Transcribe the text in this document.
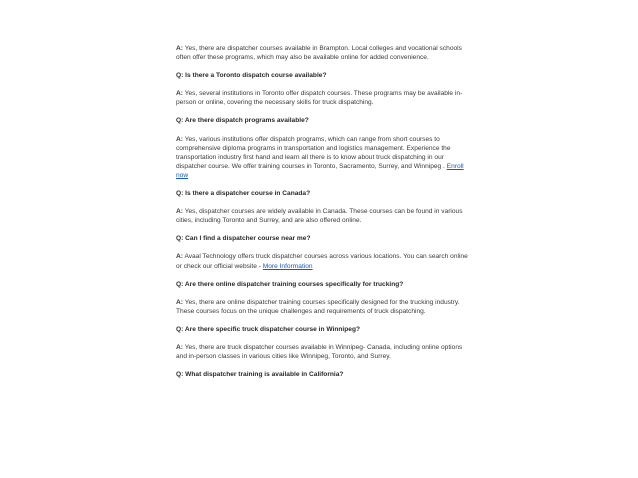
A: Yes, there are dispatcher courses available in Brampton. Local colleges and vocational schools often offer these programs, which may also be available online for added convenience.

Q: Is there a Toronto dispatch course available?

A: Yes, several institutions in Toronto offer dispatch courses. These programs may be available in-person or online, covering the necessary skills for truck dispatching.

Q: Are there dispatch programs available?

A: Yes, various institutions offer dispatch programs, which can range from short courses to comprehensive diploma programs in transportation and logistics management. Experience the transportation industry first hand and learn all there is to know about truck dispatching in our dispatcher course. We offer training courses in Toronto, Sacramento, Surrey, and Winnipeg . Enroll now

Q: Is there a dispatcher course in Canada?

A: Yes, dispatcher courses are widely available in Canada. These courses can be found in various cities, including Toronto and Surrey, and are also offered online.

Q: Can I find a dispatcher course near me?

A: Avaal Technology offers truck dispatcher courses across various locations. You can search online or check our official website - More Information

Q: Are there online dispatcher training courses specifically for trucking?

A: Yes, there are online dispatcher training courses specifically designed for the trucking industry. These courses focus on the unique challenges and requirements of truck dispatching.

Q: Are there specific truck dispatcher course in Winnipeg?

A: Yes, there are truck dispatcher courses available in Winnipeg- Canada, including online options and in-person classes in various cities like Winnipeg, Toronto, and Surrey.

Q: What dispatcher training is available in California?
